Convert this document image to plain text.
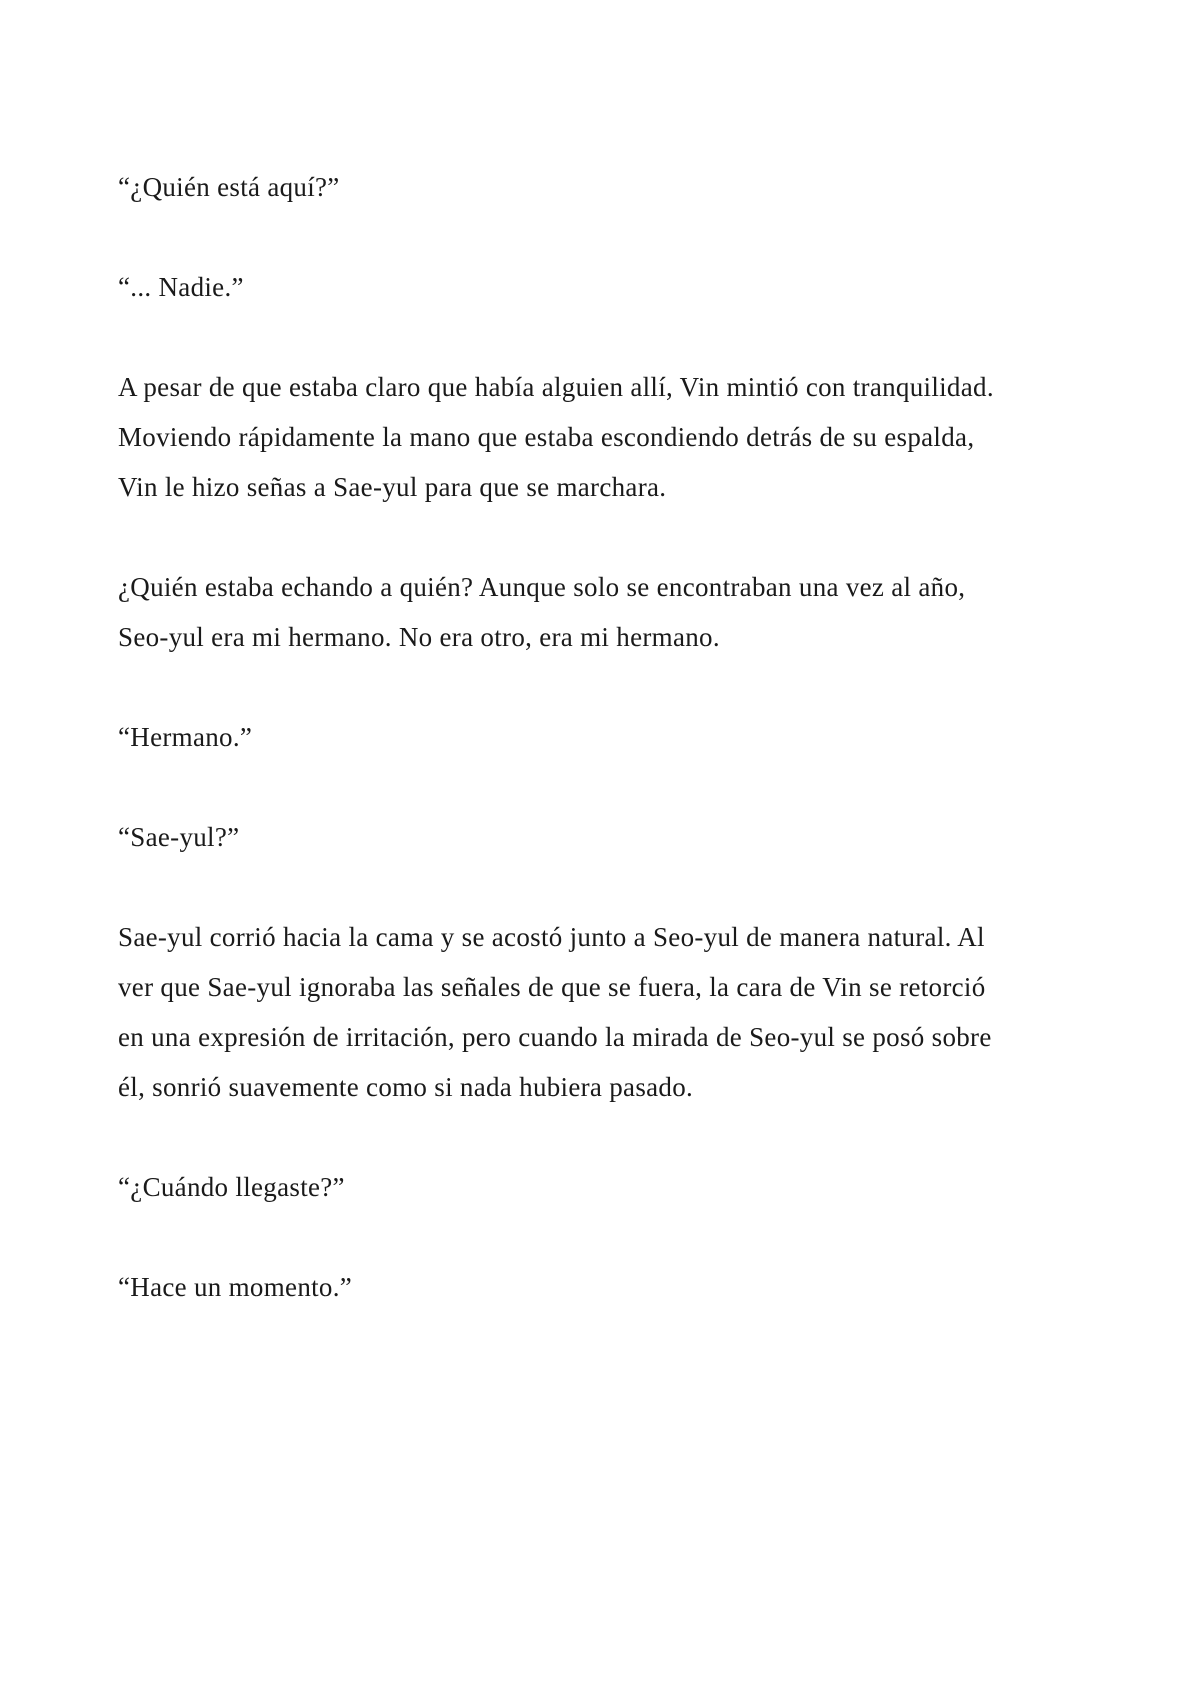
“¿Quién está aquí?”

“... Nadie.”

A pesar de que estaba claro que había alguien allí, Vin mintió con tranquilidad. Moviendo rápidamente la mano que estaba escondiendo detrás de su espalda, Vin le hizo señas a Sae-yul para que se marchara.

¿Quién estaba echando a quién? Aunque solo se encontraban una vez al año, Seo-yul era mi hermano. No era otro, era mi hermano.

“Hermano.”

“Sae-yul?”

Sae-yul corrió hacia la cama y se acostó junto a Seo-yul de manera natural. Al ver que Sae-yul ignoraba las señales de que se fuera, la cara de Vin se retorció en una expresión de irritación, pero cuando la mirada de Seo-yul se posó sobre él, sonrió suavemente como si nada hubiera pasado.

“¿Cuándo llegaste?”

“Hace un momento.”
